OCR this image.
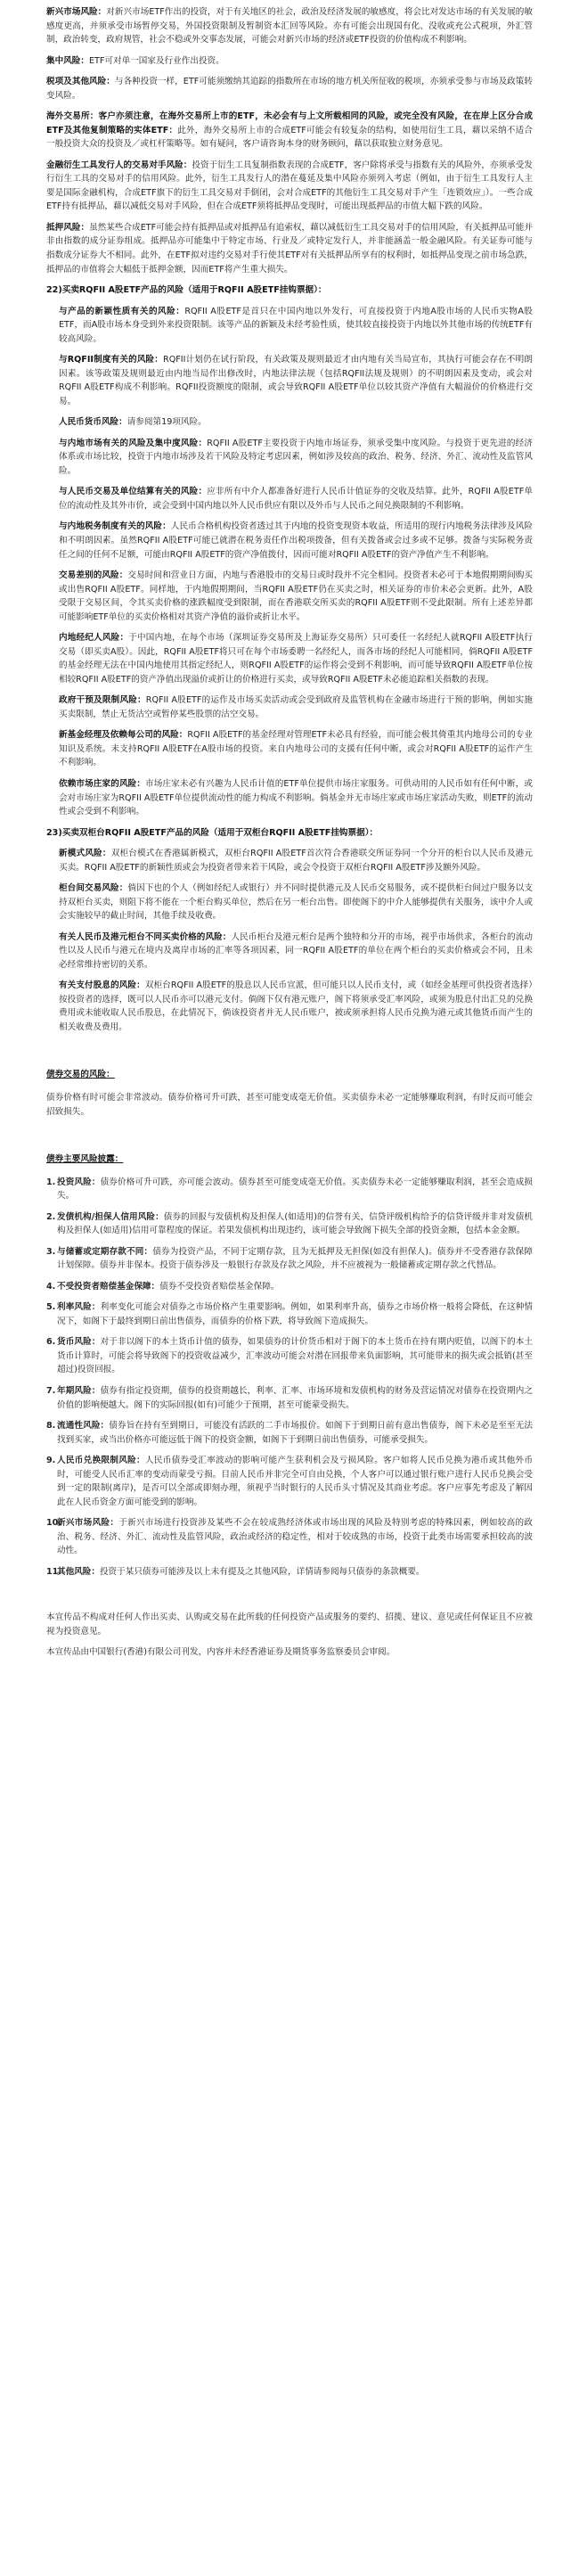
新兴市场风险：对新兴市场ETF作出的投资，对于有关地区的社会，政治及经济发展的敏感度，将会比对发达市场的有关发展的敏感度更高，并须承受市场暂停交易，外国投资限制及暂制资本汇回等风险。亦有可能会出现国有化、没收或充公式税项，外汇管制，政治转变，政府规管，社会不稳或外交事态发展，可能会对新兴市场的经济或ETF投资的价值构成不利影响。

集中风险：ETF可对单一国家及行业作出投资。

税项及其他风险：与各种投资一样，ETF可能须缴纳其追踪的指数所在市场的地方机关所征收的税项，亦须承受参与市场及政策转变风险。

海外交易所：客户亦须注意，在海外交易所上市的ETF，未必会有与上文所载相同的风险，或完全没有风险，在在岸上区分合成ETF及其他复制策略的实体ETF：此外，海外交易所上市的合成ETF可能会有较复杂的结构，如使用衍生工具，藉以采纳不适合一般投资大众的投资及／或杠杆策略等。如有疑问，客户请咨询本身的财务顾问，藉以获取独立财务意见。

金融衍生工具发行人的交易对手风险：投资于衍生工具复制指数表现的合成ETF，客户除将承受与指数有关的风险外，亦须承受发行衍生工具的交易对手的信用风险。此外，衍生工具发行人的潜在蔓延及集中风险亦须列入考虑（例如，由于衍生工具发行人主要是国际金融机构，合成ETF旗下的衍生工具交易对手倒闭，会对合成ETF的其他衍生工具交易对手产生「连锁效应」）。一些合成ETF持有抵押品，藉以减低交易对手风险，但在合成ETF须将抵押品变现时，可能出现抵押品的市值大幅下跌的风险。

抵押风险：虽然某些合成ETF可能会持有抵押品或对抵押品有追索权，藉以减低衍生工具交易对手的信用风险，有关抵押品可能并非由指数的成分证券组成。抵押品亦可能集中于特定市场、行业及／或特定发行人，并非能涵盖一般金融风险。有关证券可能与指数成分证券大不相同。此外，在ETF拟对违约交易对手行使其ETF对有关抵押品所享有的权利时，如抵押品变现之前市场急跌，抵押品的市值将会大幅低于抵押金额，因而ETF将产生重大损失。

22)买卖RQFII A股ETF产品的风险（适用于RQFII A股ETF挂钩票据）：

与产品的新颖性质有关的风险：RQFII A股ETF是首只在中国内地以外发行，可直接投资于内地A股市场的人民币实物A股ETF，而A股市场本身受到外来投资限制。该等产品的新颖及未经考验性质，使其较直接投资于内地以外其他市场的传统ETF有较高风险。

与RQFII制度有关的风险：RQFII计划仍在试行阶段，有关政策及规则最近才由内地有关当局宣布，其执行可能会存在不明朗因素。该等政策及规则最近由内地当局作出修改时，内地法律法规（包括RQFII法规及规则）的不明朗因素及变动，或会对RQFII A股ETF构成不利影响。RQFII投资额度的限制，或会导致RQFII A股ETF单位以较其资产净值有大幅溢价的价格进行交易。

人民币货币风险：请参阅第19项风险。

与内地市场有关的风险及集中度风险：RQFII A股ETF主要投资于内地市场证券，须承受集中度风险。与投资于更先进的经济体系或市场比较，投资于内地市场涉及若干风险及特定考虑因素，例如涉及较高的政治、税务、经济、外汇、流动性及监管风险。

与人民币交易及单位结算有关的风险：应非所有中介人都准备好进行人民币计值证券的交收及结算。此外，RQFII A股ETF单位的流动性及其外市价，或会受到中国内地以外人民币供应有限以及外币与人民币之间兑换限制的不利影响。

与内地税务制度有关的风险：人民币合格机构投资者透过其于内地的投资变现资本收益，所适用的现行内地税务法律涉及风险和不明朗因素。虽然RQFII A股ETF可能已就潜在税务责任作出税项拨备，但有关拨备或会过多或不足够。拨备与实际税务责任之间的任何不足额，可能由RQFII A股ETF的资产净值拨付，因而可能对RQFII A股ETF的资产净值产生不利影响。

交易差别的风险：交易时间和营业日方面，内地与香港股市的交易日或时段并不完全相同。投资者未必可于本地假期期间购买或出售RQFII A股ETF。同样地，于内地假期期间，当RQFII A股ETF仍在买卖之时，相关证券的市价未必会更新。此外，A股受限于交易区间，令其买卖价格的涨跌幅度受到限制，而在香港联交所买卖的RQFII A股ETF则不受此限制。所有上述差异都可能影响ETF单位的买卖价格相对其资产净值的溢价或折让水平。

内地经纪人风险：于中国内地，在每个市场（深圳证券交易所及上海证券交易所）只可委任一名经纪人就RQFII A股ETF执行交易（即买卖A股）。因此，RQFII A股ETF将只可在每个市场委聘一名经纪人，而各市场的经纪人可能相同，倘RQFII A股ETF的基金经理无法在中国内地使用其指定经纪人，则RQFII A股ETF的运作将会受到不利影响，而可能导致RQFII A股ETF单位按相较RQFII A股ETF的资产净值出现溢价或折让的价格进行买卖，或导致RQFII A股ETF未必能追踪相关指数的表现。

政府干预及限制风险：RQFII A股ETF的运作及市场买卖活动或会受到政府及监管机构在金融市场进行干预的影响，例如实施买卖限制，禁止无货沽空或暂停某些股票的沽空交易。

新基金经理及依赖每公司的风险：RQFII A股ETF的基金经理对管理ETF未必具有经验，而可能会极其倚重其内地母公司的专业知识及系统。未支持RQFII A股ETF在A股市场的投资。来自内地母公司的支援有任何中断，或会对RQFII A股ETF的运作产生不利影响。

依赖市场庄家的风险：市场庄家未必有兴趣为人民币计值的ETF单位提供市场庄家服务。可供动用的人民币如有任何中断，或会对市场庄家为RQFII A股ETF单位提供流动性的能力构成不利影响。倘基金并无市场庄家或市场庄家活动失败，则ETF的流动性或会受到不利影响。

23)买卖双柜台RQFII A股ETF产品的风险（适用于双柜台RQFII A股ETF挂钩票据）：

新模式风险：双柜台模式在香港属新模式，双柜台RQFII A股ETF首次符合香港联交所证券同一个分开的柜台以人民币及港元买卖。RQFII A股ETF的新颖性质或会为投资者带来若干风险，或会令投资于双柜台RQFII A股ETF涉及额外风险。

柜台间交易风险：倘因下也的个人（例如经纪人或银行）并不同时提供港元及人民币交易服务，或不提供柜台间过户服务以支持双柜台买卖，则阻下将不能在一个柜台购买单位，然后在另一柜台出售。即使阁下的中介人能够提供有关服务，该中介人或会实施较早的截止时间，其他手续及收费。

有关人民币及港元柜台不同买卖价格的风险：人民币柜台及港元柜台是两个独特和分开的市场，视乎市场供求，各柜台的流动性以及人民币与港元在境内及离岸市场的汇率等各项因素，同一RQFII A股ETF的单位在两个柜台的买卖价格或会不同，且未必经常维持密切的关系。

有关支付股息的风险：双柜台RQFII A股ETF的股息以人民币宣派，但可能只以人民币支付，或（如经金基理可供投资者选择）按投资者的选择，既可以人民币亦可以港元支付。倘阁下仅有港元账户，阁下将须承受汇率风险，或须为股息付出汇兑的兑换费用或未能收取人民币股息，在此情况下，倘该投资者并无人民币账户，被或须承担将人民币兑换为港元或其他货币而产生的相关收费及费用。

债券交易的风险：

债券价格有时可能会非常波动。债券价格可升可跌，甚至可能变成毫无价值。买卖债券未必一定能够赚取利润，有时反而可能会招致损失。

债券主要风险披露：
1. 投资风险：债券价格可升可跌，亦可能会波动。债券甚至可能变成毫无价值。买卖债券未必一定能够赚取利润，甚至会造成损失。
2. 发债机构/担保人信用风险：债券的回报与发债机构及担保人(如适用)的信誉有关，信贷评级机构给予的信贷评级并非对发债机构及担保人(如适用)信用可靠程度的保证。若果发债机构出现违约，该可能会导致阁下损失全部的投资金额，包括本金金额。
3. 与储蓄或定期存款不同：债券为投资产品，不同于定期存款，且为无抵押及无担保(如没有担保人)。债券并不受香港存款保障计划保障。债券并非保本。投资于债券涉及一般银行存款及存款之风险，并不应被视为一般储蓄或定期存款之代替品。
4. 不受投资者赔偿基金保障：债券不受投资者赔偿基金保障。
5. 利率风险：利率变化可能会对债券之市场价格产生重要影响。例如，如果利率升高，债券之市场价格一般将会降低，在这种情况下，如阁下于最终到期日前出售债券，而债券的价格下跌，将导致阁下造成损失。
6. 货币风险：对于非以阁下的本土货币计值的债券，如果债券的计价货币相对于阁下的本土货币在持有期内贬值，以阁下的本土货币计算时，可能会将导致阁下的投资收益减少，汇率波动可能会对潜在回报带来负面影响，其可能带来的损失或会抵销(甚至超过)投资回报。
7. 年期风险：债券有指定投资期，债券的投资期越长，利率、汇率、市场环境和发债机构的财务及营运情况对债券在投资期内之价值的影响便越大。阁下的实际回报(如有)可能少于预期，甚至可能蒙受损失。
8. 流通性风险：债券旨在持有至到期日，可能没有活跃的二手市场报价。如阁下于到期日前有意出售债券，阁下未必是至至无法找到买家，或当出价格亦可能远低于阁下的投资金额，如阁下于到期日前出售债券，可能承受损失。
9. 人民币兑换限制风险：人民币债券受汇率波动的影响可能产生获利机会及亏损风险。客户如将人民币兑换为港币或其他外币时，可能受人民币汇率的变动而蒙受亏损。目前人民币并非完全可自由兑换，个人客户可以通过银行账户进行人民币兑换会受到一定的限制(离岸)，是否可以全部或即刻办理，须视乎当时银行的人民币头寸情况及其商业考虑。客户应事先考虑及了解因此在人民币资金方面可能受到的影响。
10.
新兴市场风险：于新兴市场进行投资涉及某些不会在较成熟经济体或市场出现的风险及特别考虑的特殊因素，例如较高的政治、税务、经济、外汇、流动性及监管风险，政治或经济的稳定性，相对于较成熟的市场，投资于此类市场需要承担较高的波动性。
11.
其他风险：投资于某只债券可能涉及以上未有提及之其他风险，详情请参阅每只债券的条款概要。

本宣传品不构成对任何人作出买卖、认购或交易在此所载的任何投资产品或服务的要约、招揽、建议、意见或任何保证且不应被视为投资意见。

本宣传品由中国银行(香港)有限公司刊发，内容并未经香港证券及期货事务监察委员会审阅。
